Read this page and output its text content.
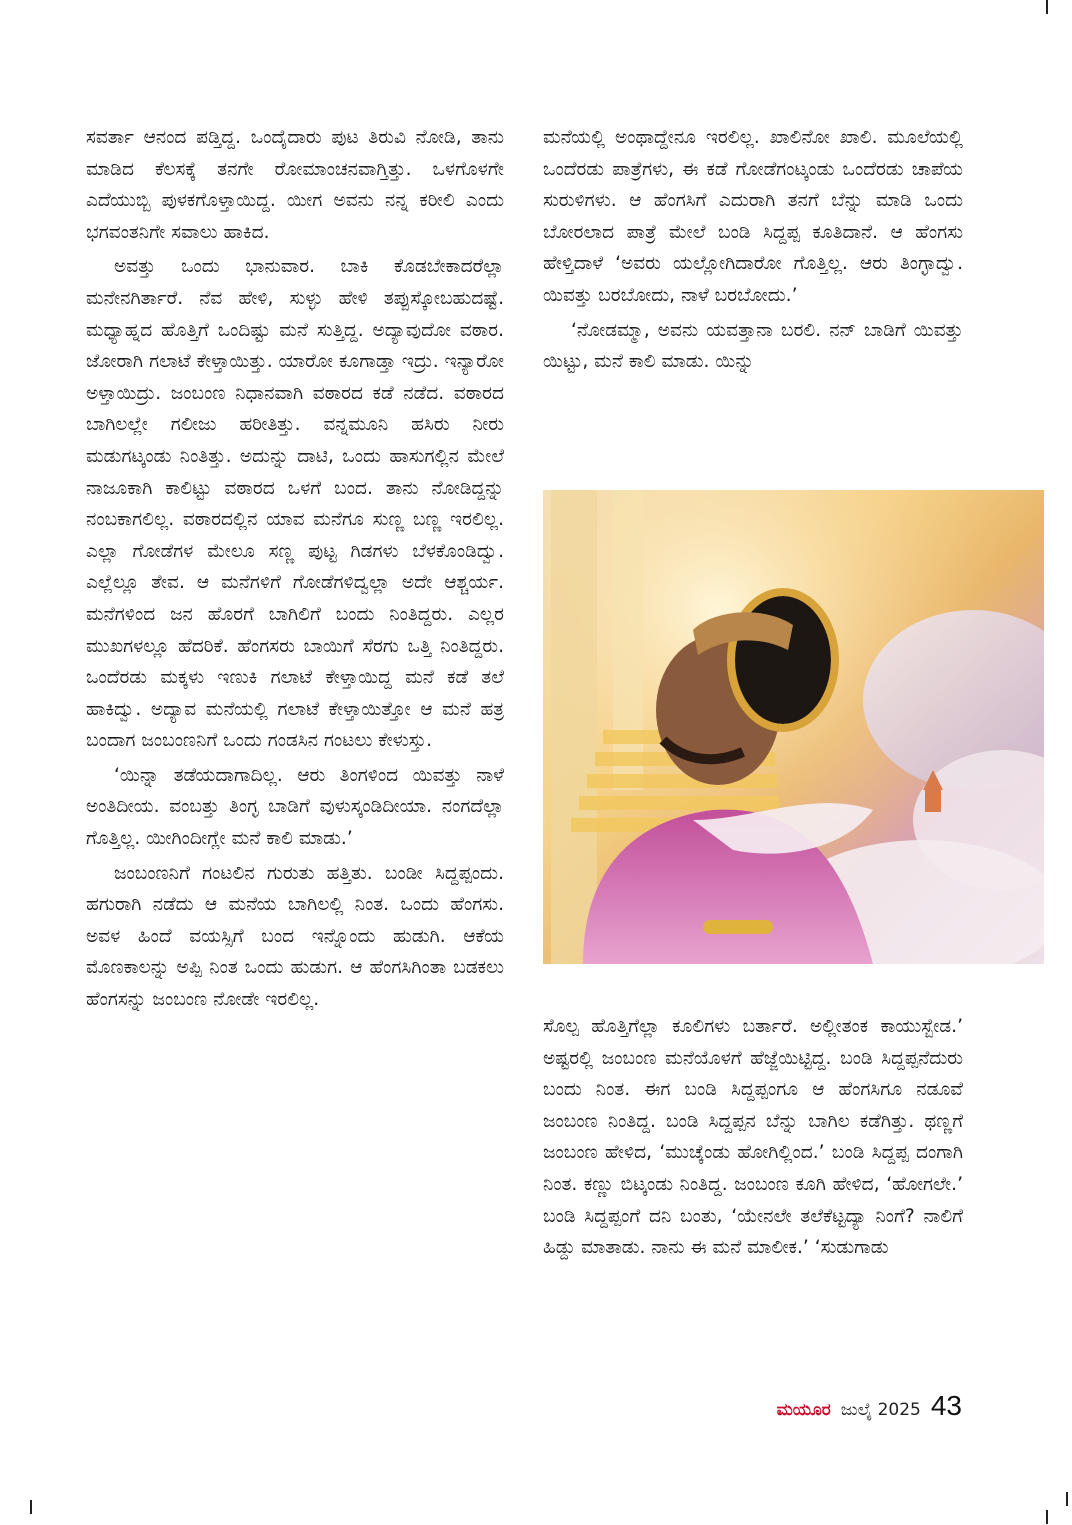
ಸವರ್ತಾ ಆನಂದ ಪಡ್ತಿದ್ದ. ಒಂದೈದಾರು ಪುಟ ತಿರುವಿ ನೋಡಿ, ತಾನು ಮಾಡಿದ ಕೆಲಸಕ್ಕೆ ತನಗೇ ರೋಮಾಂಚನವಾಗ್ತಿತ್ತು. ಒಳಗೊಳಗೇ ಎದೆಯುಬ್ಬಿ ಪುಳಕಗೊಳ್ತಾಯಿದ್ದ. ಯೀಗ ಅವನು ನನ್ನ ಕರೀಲಿ ಎಂದು ಭಗವಂತನಿಗೇ ಸವಾಲು ಹಾಕಿದ.

ಅವತ್ತು ಒಂದು ಭಾನುವಾರ. ಬಾಕಿ ಕೊಡಬೇಕಾದರೆಲ್ಲಾ ಮನೇನಗಿರ್ತಾರೆ. ನೆವ ಹೇಳಿ, ಸುಳ್ಳು ಹೇಳಿ ತಪ್ಪುಸ್ಕೋಬಹುದಷ್ಟೆ. ಮಧ್ಯಾಹ್ನದ ಹೊತ್ತಿಗೆ ಒಂದಿಷ್ಟು ಮನೆ ಸುತ್ತಿದ್ದ. ಅದ್ಯಾವುದೋ ವಠಾರ. ಜೋರಾಗಿ ಗಲಾಟೆ ಕೇಳ್ತಾಯಿತ್ತು. ಯಾರೋ ಕೂಗಾಡ್ತಾ ಇದ್ರು. ಇನ್ಯಾರೋ ಅಳ್ತಾಯಿದ್ರು. ಜಂಬಂಣ ನಿಧಾನವಾಗಿ ವಠಾರದ ಕಡೆ ನಡೆದ. ವಠಾರದ ಬಾಗಿಲಲ್ಲೇ ಗಲೀಜು ಹರೀತಿತ್ತು. ವನ್ನಮೂನಿ ಹಸಿರು ನೀರು ಮಡುಗಟ್ಕಂಡು ನಿಂತಿತ್ತು. ಅದುನ್ನು ದಾಟಿ, ಒಂದು ಹಾಸುಗಲ್ಲಿನ ಮೇಲೆ ನಾಜೂಕಾಗಿ ಕಾಲಿಟ್ಟು ವಠಾರದ ಒಳಗೆ ಬಂದ. ತಾನು ನೋಡಿದ್ದನ್ನು ನಂಬಕಾಗಲಿಲ್ಲ. ವಠಾರದಲ್ಲಿನ ಯಾವ ಮನೆಗೂ ಸುಣ್ಣ ಬಣ್ಣ ಇರಲಿಲ್ಲ. ಎಲ್ಲಾ ಗೋಡೆಗಳ ಮೇಲೂ ಸಣ್ಣ ಪುಟ್ಟ ಗಿಡಗಳು ಬೆಳಕೊಂಡಿದ್ವು. ಎಲ್ಲೆಲ್ಲೂ ತೇವ. ಆ ಮನೆಗಳಿಗೆ ಗೋಡೆಗಳಿದ್ವಲ್ಲಾ ಅದೇ ಆಶ್ಚರ್ಯ. ಮನೆಗಳಿಂದ ಜನ ಹೊರಗೆ ಬಾಗಿಲಿಗೆ ಬಂದು ನಿಂತಿದ್ದರು. ಎಲ್ಲರ ಮುಖಗಳಲ್ಲೂ ಹೆದರಿಕೆ. ಹೆಂಗಸರು ಬಾಯಿಗೆ ಸೆರಗು ಒತ್ತಿ ನಿಂತಿದ್ದರು. ಒಂದೆರಡು ಮಕ್ಕಳು ಇಣುಕಿ ಗಲಾಟೆ ಕೇಳ್ತಾಯಿದ್ದ ಮನೆ ಕಡೆ ತಲೆ ಹಾಕಿದ್ವು. ಅದ್ಯಾವ ಮನೆಯಲ್ಲಿ ಗಲಾಟೆ ಕೇಳ್ತಾಯಿತ್ತೋ ಆ ಮನೆ ಹತ್ರ ಬಂದಾಗ ಜಂಬಂಣನಿಗೆ ಒಂದು ಗಂಡಸಿನ ಗಂಟಲು ಕೇಳುಸ್ತು.

‘ಯಿನ್ನಾ ತಡೆಯದಾಗಾದಿಲ್ಲ. ಆರು ತಿಂಗಳಿಂದ ಯಿವತ್ತು ನಾಳೆ ಅಂತಿದೀಯ. ವಂಬತ್ತು ತಿಂಗ್ಳ ಬಾಡಿಗೆ ವುಳುಸ್ಕಂಡಿದೀಯಾ. ನಂಗದೆಲ್ಲಾ ಗೊತ್ತಿಲ್ಲ. ಯೀಗಿಂದೀಗ್ಲೇ ಮನೆ ಕಾಲಿ ಮಾಡು.’

ಜಂಬಂಣನಿಗೆ ಗಂಟಲಿನ ಗುರುತು ಹತ್ತಿತು. ಬಂಡೀ ಸಿದ್ದಪ್ಪಂದು. ಹಗುರಾಗಿ ನಡೆದು ಆ ಮನೆಯ ಬಾಗಿಲಲ್ಲಿ ನಿಂತ. ಒಂದು ಹೆಂಗಸು. ಅವಳ ಹಿಂದೆ ವಯಸ್ಸಿಗೆ ಬಂದ ಇನ್ನೊಂದು ಹುಡುಗಿ. ಆಕೆಯ ಮೊಣಕಾಲನ್ನು ಅಪ್ಪಿ ನಿಂತ ಒಂದು ಹುಡುಗ. ಆ ಹೆಂಗಸಿಗಿಂತಾ ಬಡಕಲು ಹೆಂಗಸನ್ನು ಜಂಬಂಣ ನೋಡೇ ಇರಲಿಲ್ಲ.

ಮನೆಯಲ್ಲಿ ಅಂಥಾದ್ದೇನೂ ಇರಲಿಲ್ಲ. ಖಾಲಿನೋ ಖಾಲಿ. ಮೂಲೆಯಲ್ಲಿ ಒಂದೆರಡು ಪಾತ್ರೆಗಳು, ಈ ಕಡೆ ಗೋಡೆಗಂಟ್ಕಂಡು ಒಂದೆರಡು ಚಾಪೆಯ ಸುರುಳಿಗಳು. ಆ ಹೆಂಗಸಿಗೆ ಎದುರಾಗಿ ತನಗೆ ಬೆನ್ನು ಮಾಡಿ ಒಂದು ಬೋರಲಾದ ಪಾತ್ರೆ ಮೇಲೆ ಬಂಡಿ ಸಿದ್ದಪ್ಪ ಕೂತಿದಾನೆ. ಆ ಹೆಂಗಸು ಹೇಳ್ತಿದಾಳೆ ‘ಅವರು ಯಲ್ಲೋಗಿದಾರೋ ಗೊತ್ತಿಲ್ಲ. ಆರು ತಿಂಗ್ಳಾದ್ವು. ಯಿವತ್ತು ಬರಬೋದು, ನಾಳೆ ಬರಬೋದು.’

‘ನೋಡಮ್ಮಾ, ಅವನು ಯವತ್ತಾನಾ ಬರಲಿ. ನನ್ ಬಾಡಿಗೆ ಯಿವತ್ತು ಯಿಟ್ಟು, ಮನೆ ಕಾಲಿ ಮಾಡು. ಯಿನ್ನು

ಸೊಲ್ಪ ಹೊತ್ತಿಗೆಲ್ಲಾ ಕೂಲಿಗಳು ಬರ್ತಾರೆ. ಅಲ್ಲೀತಂಕ ಕಾಯುಸ್ಬೇಡ.’ ಅಷ್ಟರಲ್ಲಿ ಜಂಬಂಣ ಮನೆಯೊಳಗೆ ಹೆಜ್ಜೆಯಿಟ್ಟಿದ್ದ. ಬಂಡಿ ಸಿದ್ದಪ್ಪನೆದುರು ಬಂದು ನಿಂತ. ಈಗ ಬಂಡಿ ಸಿದ್ದಪ್ಪಂಗೂ ಆ ಹೆಂಗಸಿಗೂ ನಡೂವೆ ಜಂಬಂಣ ನಿಂತಿದ್ದ. ಬಂಡಿ ಸಿದ್ದಪ್ಪನ ಬೆನ್ನು ಬಾಗಿಲ ಕಡೆಗಿತ್ತು. ಥಣ್ಣಗೆ ಜಂಬಂಣ ಹೇಳಿದ, ‘ಮುಚ್ಕೆಂಡು ಹೋಗಿಲ್ಲಿಂದ.’ ಬಂಡಿ ಸಿದ್ದಪ್ಪ ದಂಗಾಗಿ ನಿಂತ. ಕಣ್ಣು ಬಿಟ್ಕಂಡು ನಿಂತಿದ್ದ. ಜಂಬಂಣ ಕೂಗಿ ಹೇಳಿದ, ‘ಹೋಗಲೇ.’ ಬಂಡಿ ಸಿದ್ದಪ್ಪಂಗೆ ದನಿ ಬಂತು, ‘ಯೇನಲೇ ತಲೆಕೆಟ್ಟದ್ಯಾ ನಿಂಗೆ? ನಾಲಿಗೆ ಹಿಡ್ದು ಮಾತಾಡು. ನಾನು ಈ ಮನೆ ಮಾಲೀಕ.’ ‘ಸುಡುಗಾಡು

ಮಯೂರ ಜುಲೈ 2025 43
